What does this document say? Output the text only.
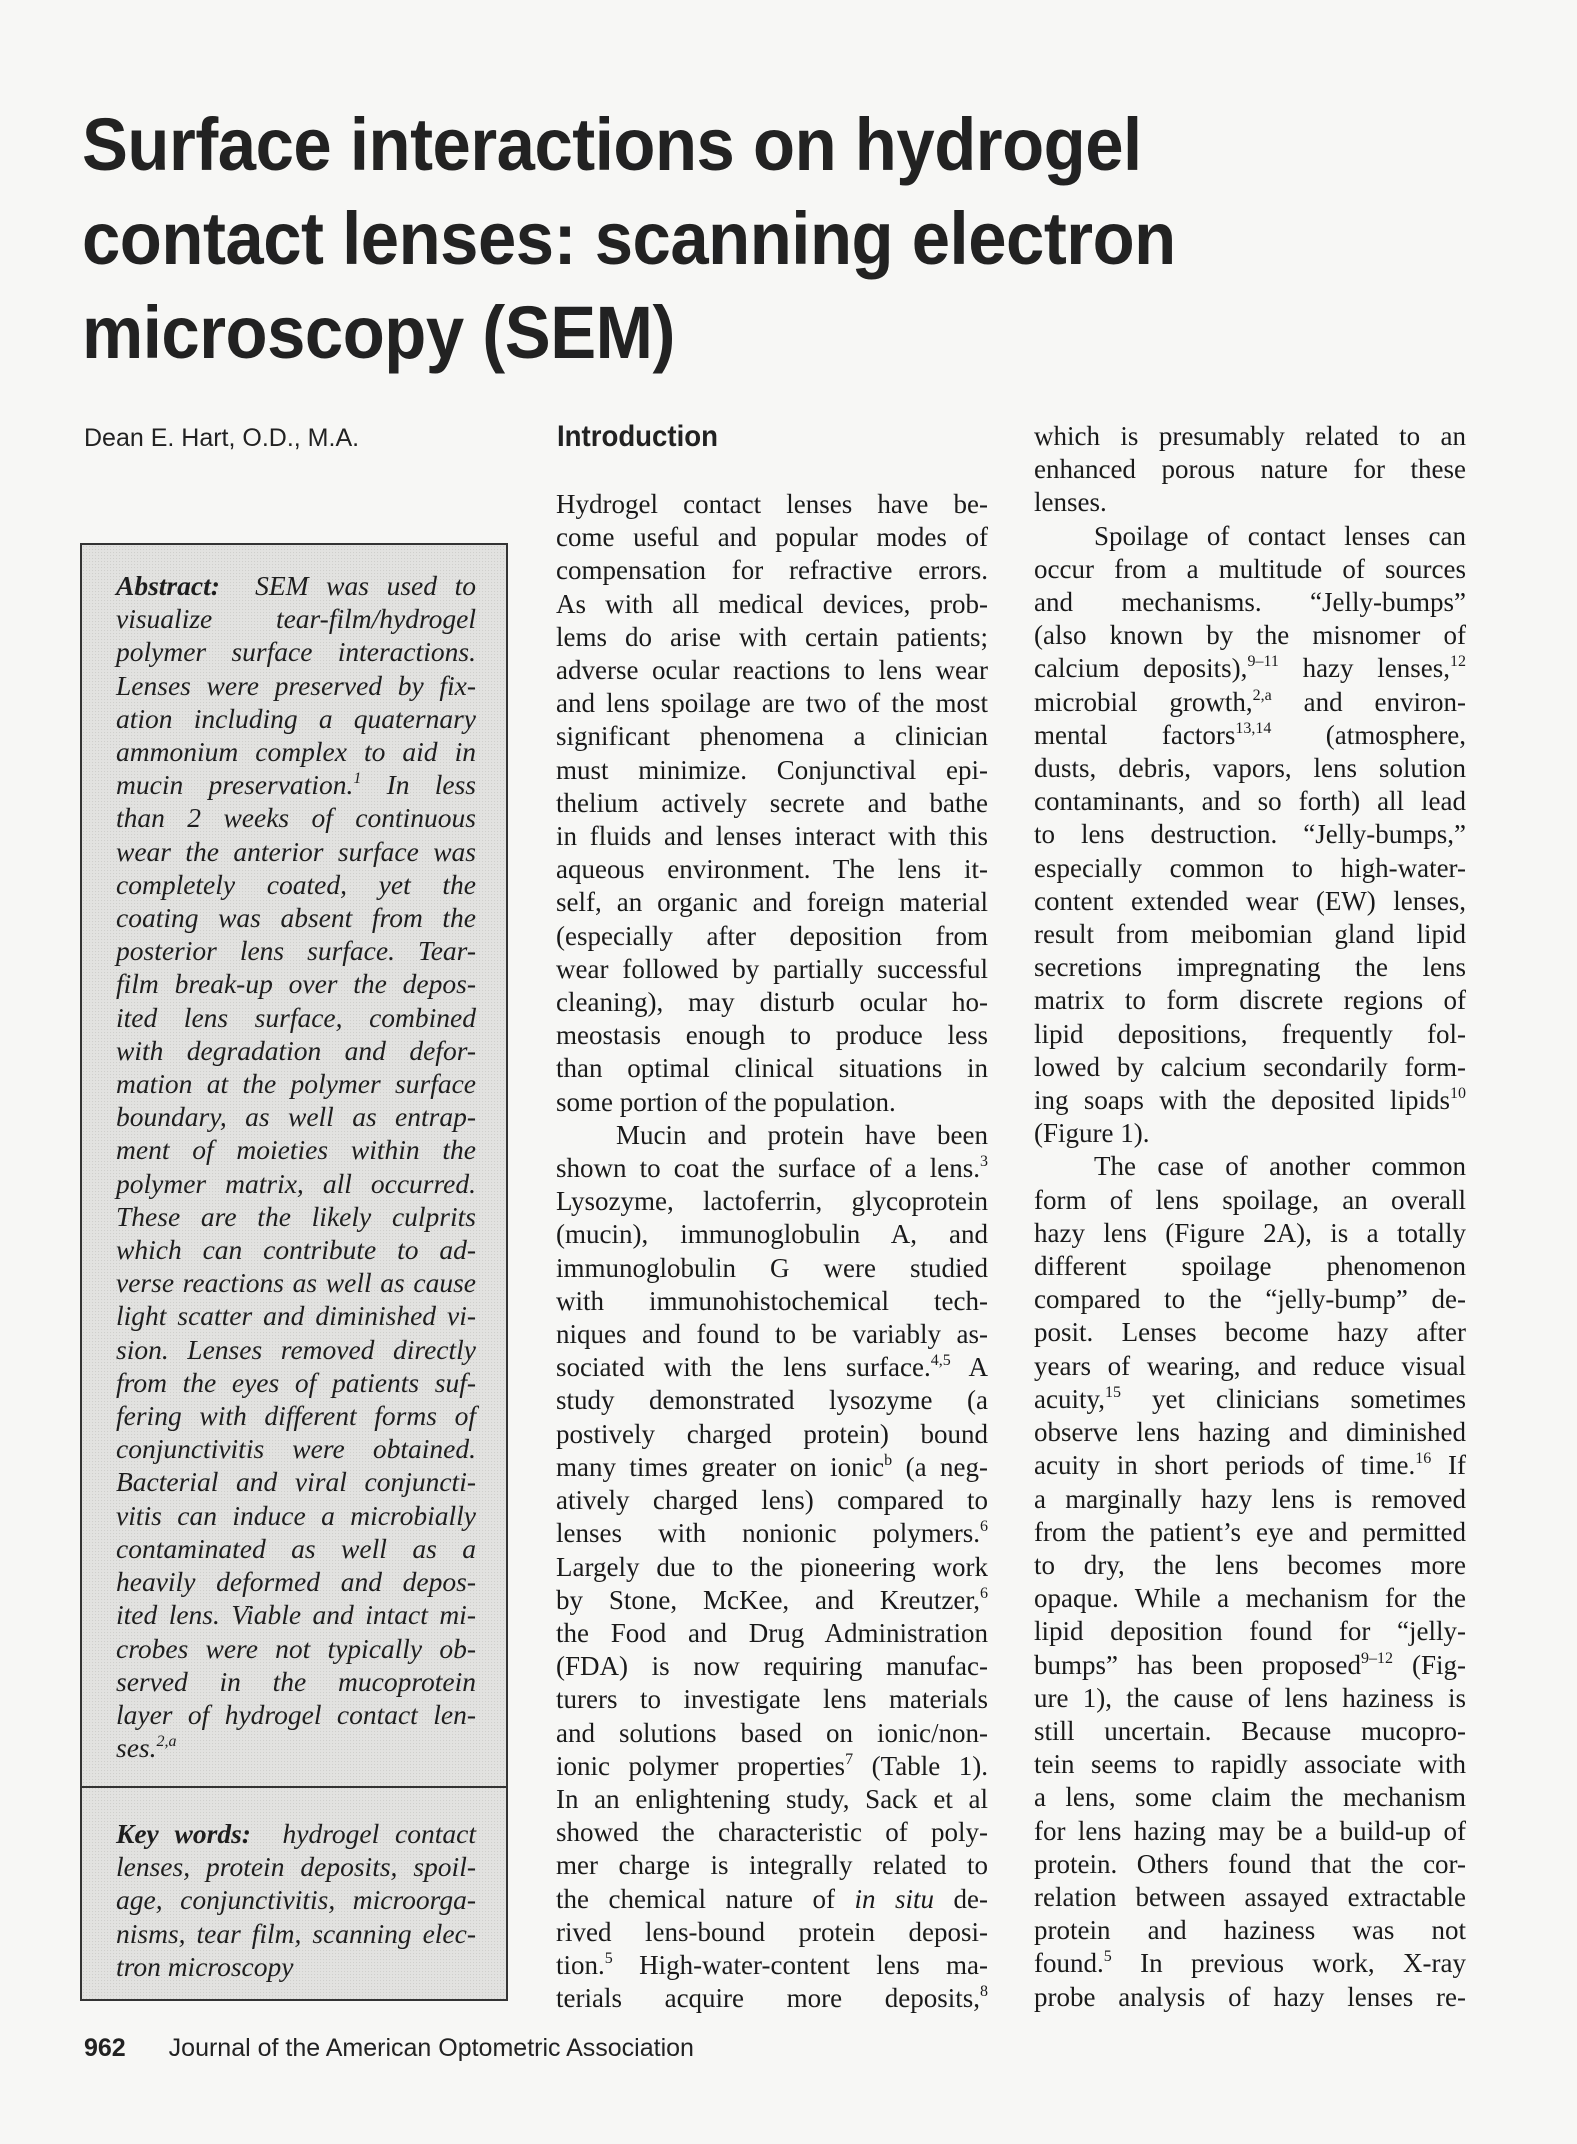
Surface interactions on hydrogel
contact lenses: scanning electron
microscopy (SEM)
Dean E. Hart, O.D., M.A.
Abstract:  SEM was used to
visualize tear-film/hydrogel
polymer surface interactions.
Lenses were preserved by fix-
ation including a quaternary
ammonium complex to aid in
mucin preservation.$^1$ In less
than 2 weeks of continuous
wear the anterior surface was
completely coated, yet the
coating was absent from the
posterior lens surface. Tear-
film break-up over the depos-
ited lens surface, combined
with degradation and defor-
mation at the polymer surface
boundary, as well as entrap-
ment of moieties within the
polymer matrix, all occurred.
These are the likely culprits
which can contribute to ad-
verse reactions as well as cause
light scatter and diminished vi-
sion. Lenses removed directly
from the eyes of patients suf-
fering with different forms of
conjunctivitis were obtained.
Bacterial and viral conjuncti-
vitis can induce a microbially
contaminated as well as a
heavily deformed and depos-
ited lens. Viable and intact mi-
crobes were not typically ob-
served in the mucoprotein
layer of hydrogel contact len-
ses.$^{2,a}$
Key words:  hydrogel contact
lenses, protein deposits, spoil-
age, conjunctivitis, microorga-
nisms, tear film, scanning elec-
tron microscopy
Introduction
Hydrogel contact lenses have be-
come useful and popular modes of
compensation for refractive errors.
As with all medical devices, prob-
lems do arise with certain patients;
adverse ocular reactions to lens wear
and lens spoilage are two of the most
significant phenomena a clinician
must minimize. Conjunctival epi-
thelium actively secrete and bathe
in fluids and lenses interact with this
aqueous environment. The lens it-
self, an organic and foreign material
(especially after deposition from
wear followed by partially successful
cleaning), may disturb ocular ho-
meostasis enough to produce less
than optimal clinical situations in
some portion of the population.
Mucin and protein have been
shown to coat the surface of a lens.$^3$
Lysozyme, lactoferrin, glycoprotein
(mucin), immunoglobulin A, and
immunoglobulin G were studied
with immunohistochemical tech-
niques and found to be variably as-
sociated with the lens surface.$^{4,5}$ A
study demonstrated lysozyme (a
postively charged protein) bound
many times greater on ionic$^b$ (a neg-
atively charged lens) compared to
lenses with nonionic polymers.$^6$
Largely due to the pioneering work
by Stone, McKee, and Kreutzer,$^6$
the Food and Drug Administration
(FDA) is now requiring manufac-
turers to investigate lens materials
and solutions based on ionic/non-
ionic polymer properties$^7$ (Table 1).
In an enlightening study, Sack et al
showed the characteristic of poly-
mer charge is integrally related to
the chemical nature of in situ de-
rived lens-bound protein deposi-
tion.$^5$ High-water-content lens ma-
terials acquire more deposits,$^8$
which is presumably related to an
enhanced porous nature for these
lenses.
Spoilage of contact lenses can
occur from a multitude of sources
and mechanisms. “Jelly-bumps”
(also known by the misnomer of
calcium deposits),$^{9-11}$ hazy lenses,$^{12}$
microbial growth,$^{2,a}$ and environ-
mental factors$^{13,14}$ (atmosphere,
dusts, debris, vapors, lens solution
contaminants, and so forth) all lead
to lens destruction. “Jelly-bumps,”
especially common to high-water-
content extended wear (EW) lenses,
result from meibomian gland lipid
secretions impregnating the lens
matrix to form discrete regions of
lipid depositions, frequently fol-
lowed by calcium secondarily form-
ing soaps with the deposited lipids$^{10}$
(Figure 1).
The case of another common
form of lens spoilage, an overall
hazy lens (Figure 2A), is a totally
different spoilage phenomenon
compared to the “jelly-bump” de-
posit. Lenses become hazy after
years of wearing, and reduce visual
acuity,$^{15}$ yet clinicians sometimes
observe lens hazing and diminished
acuity in short periods of time.$^{16}$ If
a marginally hazy lens is removed
from the patient’s eye and permitted
to dry, the lens becomes more
opaque. While a mechanism for the
lipid deposition found for “jelly-
bumps” has been proposed$^{9-12}$ (Fig-
ure 1), the cause of lens haziness is
still uncertain. Because mucopro-
tein seems to rapidly associate with
a lens, some claim the mechanism
for lens hazing may be a build-up of
protein. Others found that the cor-
relation between assayed extractable
protein and haziness was not
found.$^5$ In previous work, X-ray
probe analysis of hazy lenses re-
962 Journal of the American Optometric Association
